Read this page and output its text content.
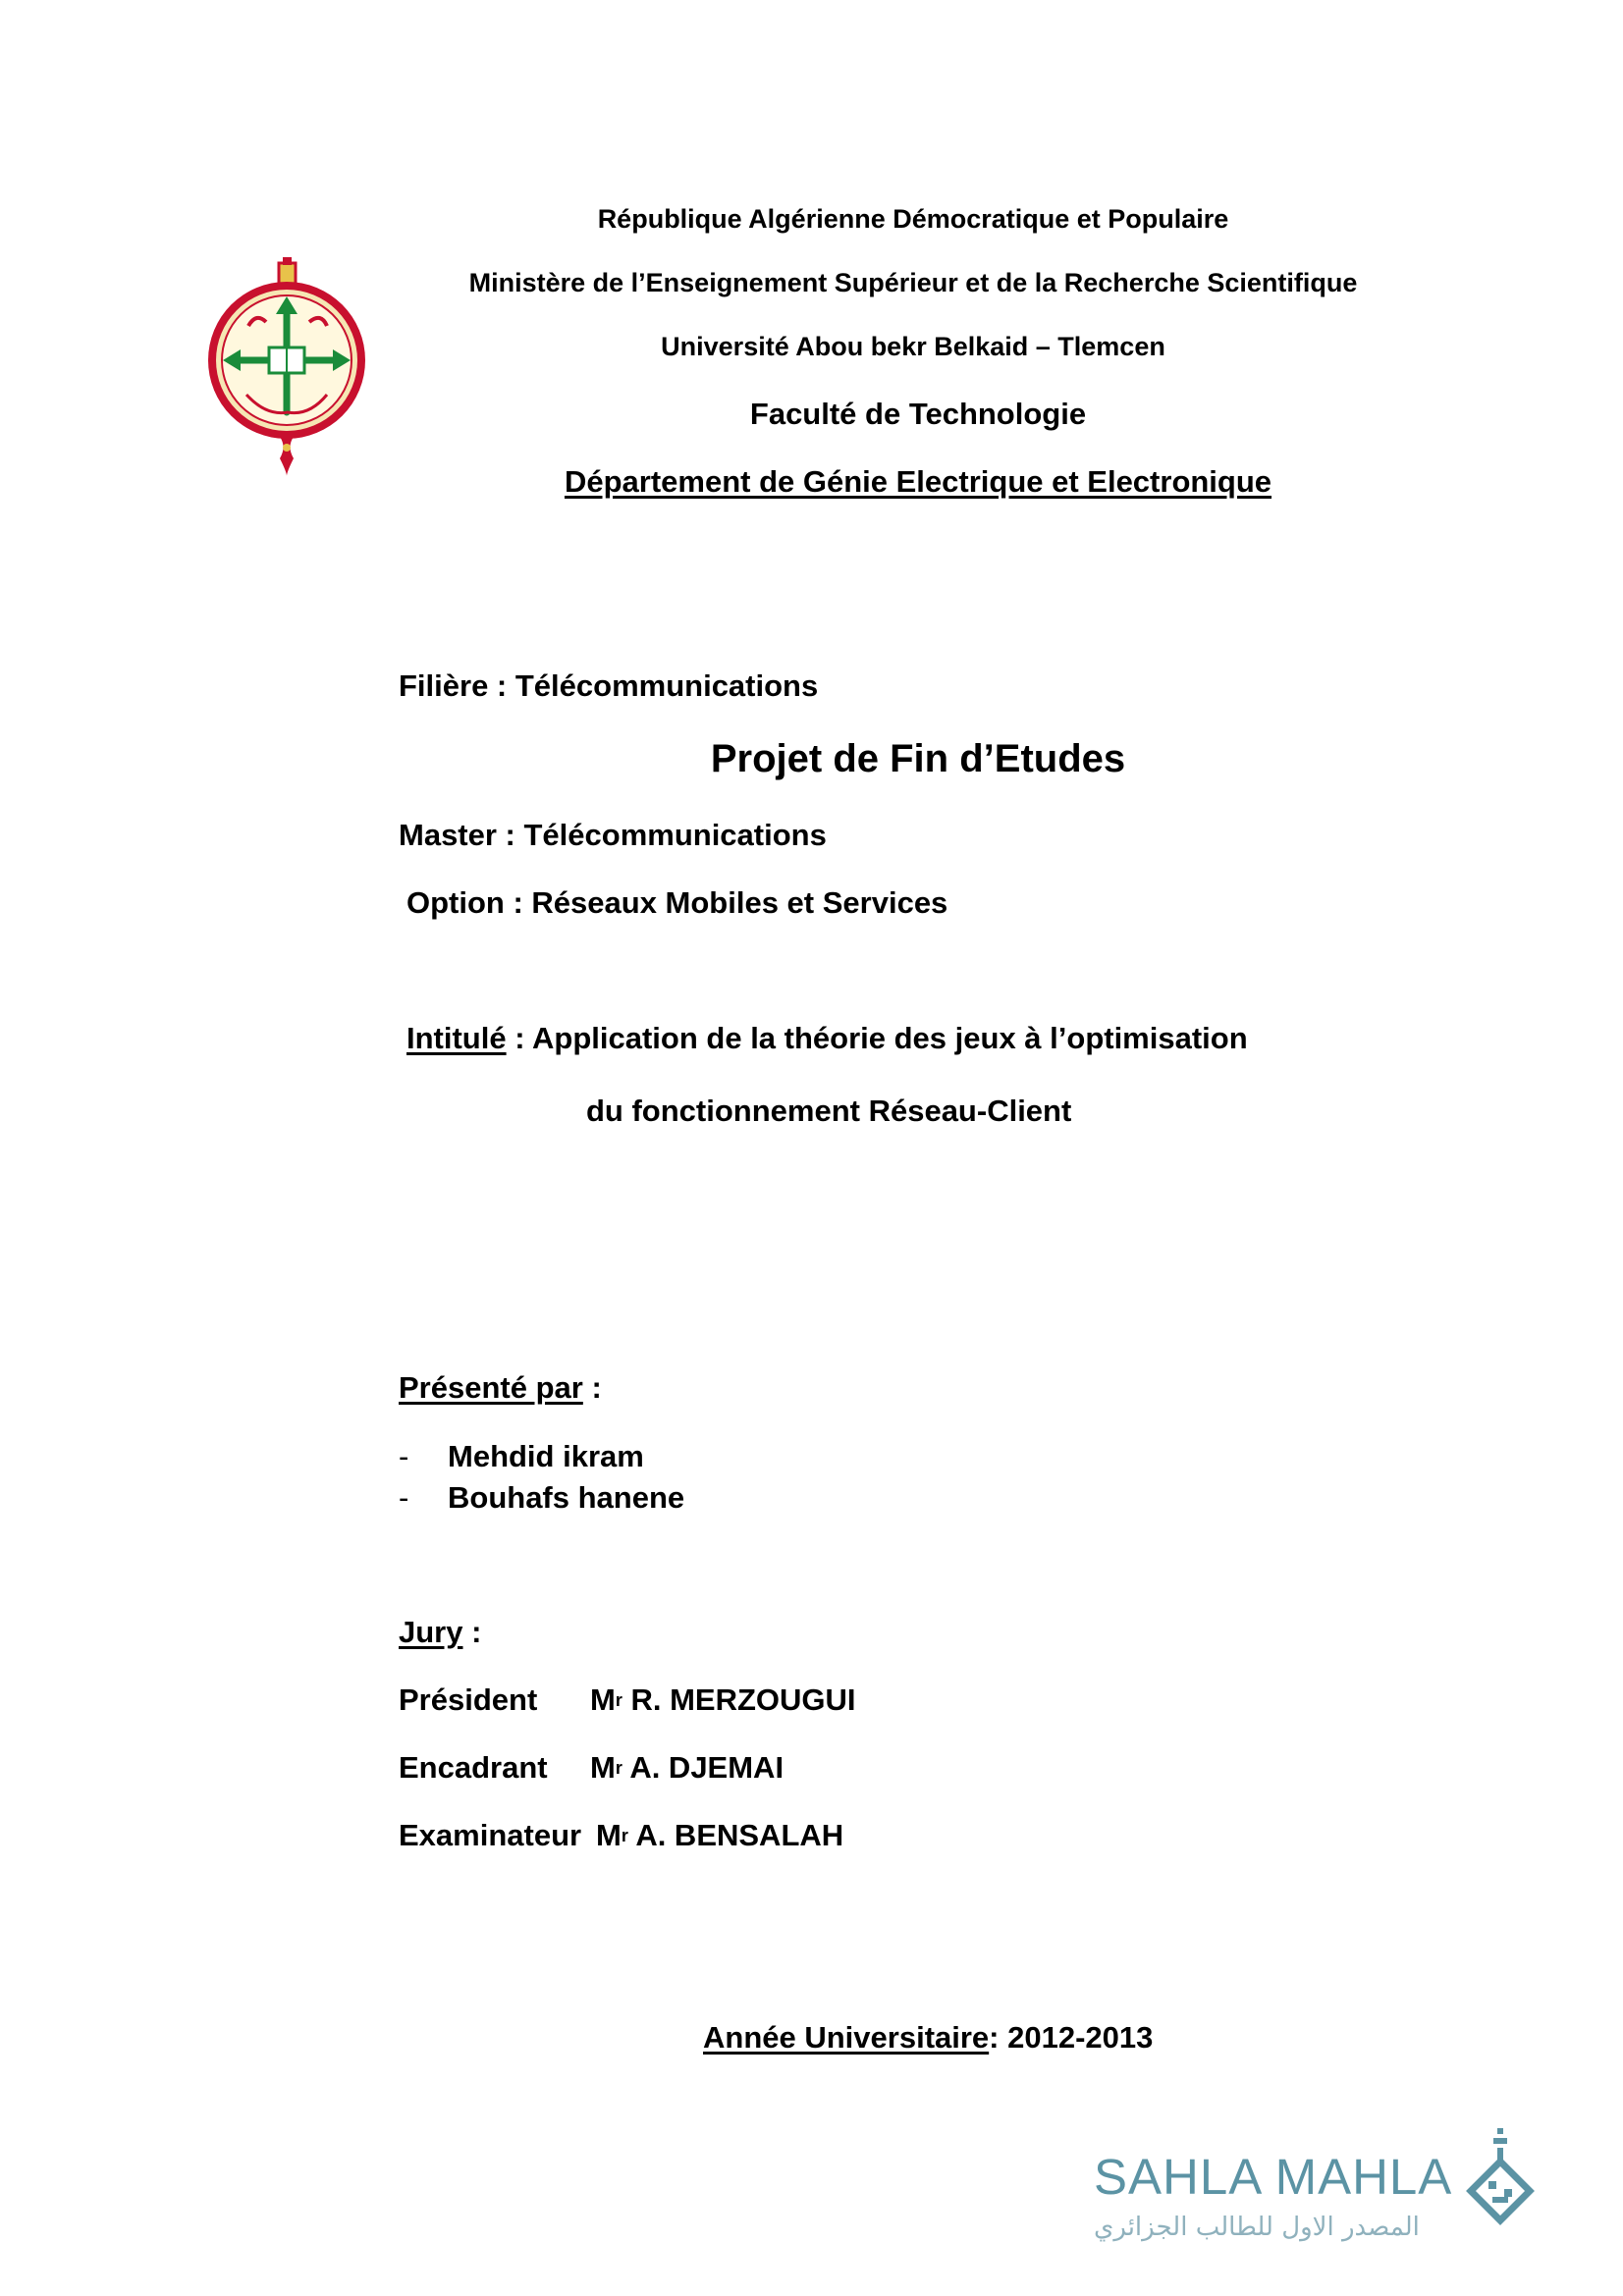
République Algérienne Démocratique et Populaire
Ministère de l’Enseignement Supérieur et de la Recherche Scientifique
Université Abou bekr Belkaid – Tlemcen
Faculté de Technologie
Département de Génie Electrique et Electronique
Filière : Télécommunications
Projet de Fin d’Etudes
Master : Télécommunications
Option : Réseaux Mobiles et Services
Intitulé : Application de la théorie des jeux à l’optimisation
du fonctionnement Réseau-Client
Présenté par :
- Mehdid ikram
- Bouhafs hanene
Jury :
Président $M^r$ R. MERZOUGUI
Encadrant $M^r$ A. DJEMAI
Examinateur $M^r$ A. BENSALAH
Année Universitaire: 2012-2013
SAHLA MAHLA
المصدر الاول للطالب الجزائري
